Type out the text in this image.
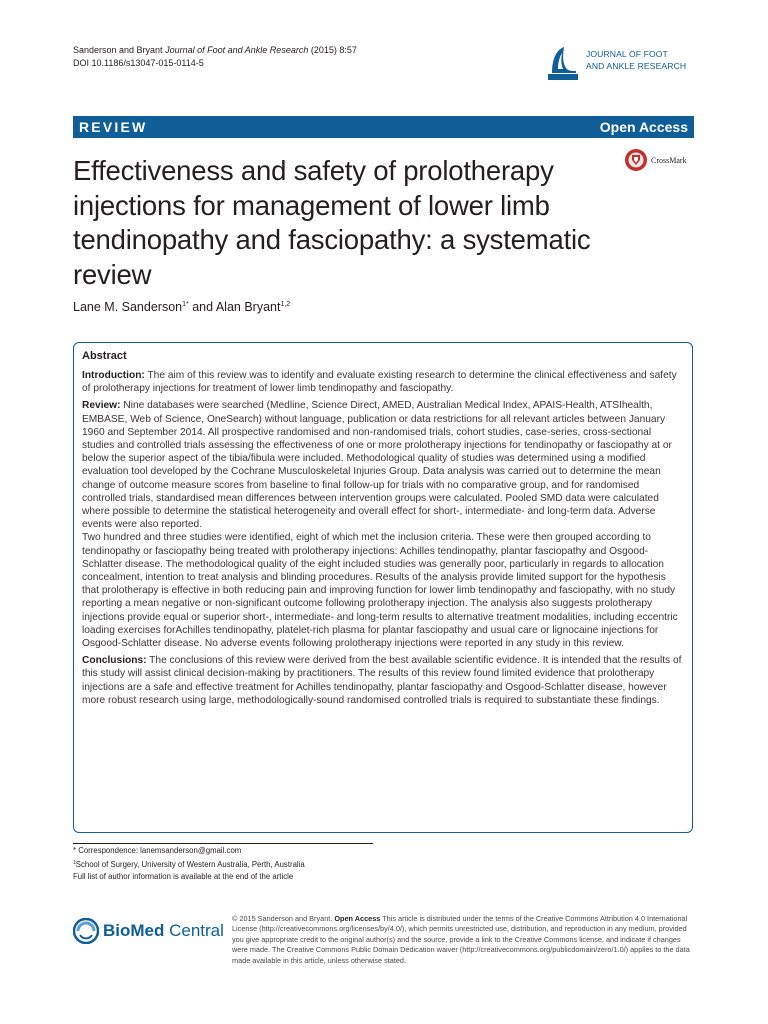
Sanderson and Bryant Journal of Foot and Ankle Research (2015) 8:57
DOI 10.1186/s13047-015-0114-5
JOURNAL OF FOOT
AND ANKLE RESEARCH
REVIEW	Open Access
CrossMark
Effectiveness and safety of prolotherapy injections for management of lower limb tendinopathy and fasciopathy: a systematic review
Lane M. Sanderson$^{1*}$ and Alan Bryant$^{1,2}$
Abstract

Introduction: The aim of this review was to identify and evaluate existing research to determine the clinical effectiveness and safety of prolotherapy injections for treatment of lower limb tendinopathy and fasciopathy.

Review: Nine databases were searched (Medline, Science Direct, AMED, Australian Medical Index, APAIS-Health, ATSIhealth, EMBASE, Web of Science, OneSearch) without language, publication or data restrictions for all relevant articles between January 1960 and September 2014. All prospective randomised and non-randomised trials, cohort studies, case-series, cross-sectional studies and controlled trials assessing the effectiveness of one or more prolotherapy injections for tendinopathy or fasciopathy at or below the superior aspect of the tibia/fibula were included. Methodological quality of studies was determined using a modified evaluation tool developed by the Cochrane Musculoskeletal Injuries Group. Data analysis was carried out to determine the mean change of outcome measure scores from baseline to final follow-up for trials with no comparative group, and for randomised controlled trials, standardised mean differences between intervention groups were calculated. Pooled SMD data were calculated where possible to determine the statistical heterogeneity and overall effect for short-, intermediate- and long-term data. Adverse events were also reported.

Two hundred and three studies were identified, eight of which met the inclusion criteria. These were then grouped according to tendinopathy or fasciopathy being treated with prolotherapy injections: Achilles tendinopathy, plantar fasciopathy and Osgood-Schlatter disease. The methodological quality of the eight included studies was generally poor, particularly in regards to allocation concealment, intention to treat analysis and blinding procedures. Results of the analysis provide limited support for the hypothesis that prolotherapy is effective in both reducing pain and improving function for lower limb tendinopathy and fasciopathy, with no study reporting a mean negative or non-significant outcome following prolotherapy injection. The analysis also suggests prolotherapy injections provide equal or superior short-, intermediate- and long-term results to alternative treatment modalities, including eccentric loading exercises forAchilles tendinopathy, platelet-rich plasma for plantar fasciopathy and usual care or lignocaine injections for Osgood-Schlatter disease. No adverse events following prolotherapy injections were reported in any study in this review.

Conclusions: The conclusions of this review were derived from the best available scientific evidence. It is intended that the results of this study will assist clinical decision-making by practitioners. The results of this review found limited evidence that prolotherapy injections are a safe and effective treatment for Achilles tendinopathy, plantar fasciopathy and Osgood-Schlatter disease, however more robust research using large, methodologically-sound randomised controlled trials is required to substantiate these findings.

* Correspondence: lanemsanderson@gmail.com
$^1$School of Surgery, University of Western Australia, Perth, Australia
Full list of author information is available at the end of the article
BioMed Central
© 2015 Sanderson and Bryant. Open Access This article is distributed under the terms of the Creative Commons Attribution 4.0 International License (http://creativecommons.org/licenses/by/4.0/), which permits unrestricted use, distribution, and reproduction in any medium, provided you give appropriate credit to the original author(s) and the source, provide a link to the Creative Commons license, and indicate if changes were made. The Creative Commons Public Domain Dedication waiver (http://creativecommons.org/publicdomain/zero/1.0/) applies to the data made available in this article, unless otherwise stated.
